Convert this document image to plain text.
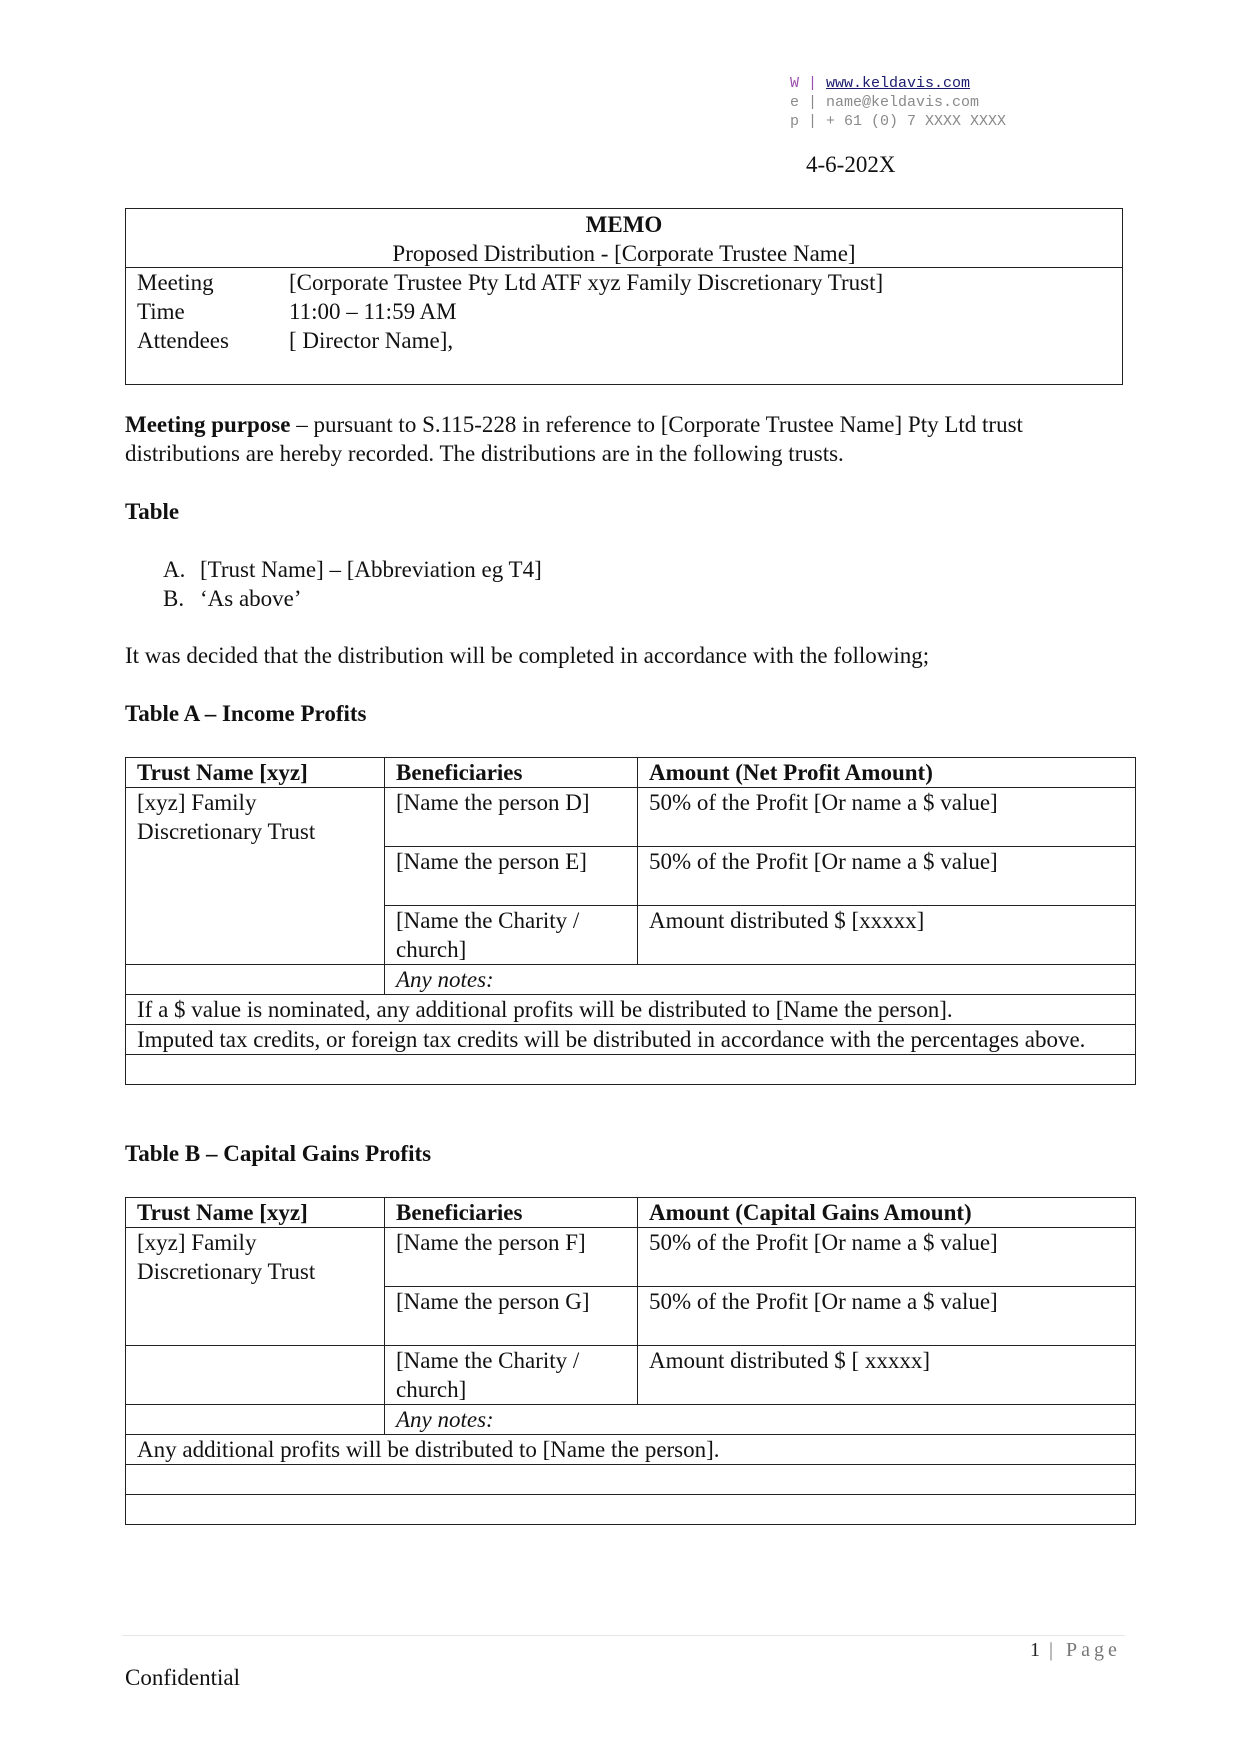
W | www.keldavis.com
e | name@keldavis.com
p | + 61 (0) 7 XXXX XXXX
4-6-202X
MEMO
Proposed Distribution - [Corporate Trustee Name]
Meeting	[Corporate Trustee Pty Ltd ATF xyz Family Discretionary Trust]
Time	11:00 – 11:59 AM
Attendees	[ Director Name],
Meeting purpose – pursuant to S.115-228 in reference to [Corporate Trustee Name] Pty Ltd trust distributions are hereby recorded. The distributions are in the following trusts.
Table
A. [Trust Name] – [Abbreviation eg T4]
B. ‘As above’
It was decided that the distribution will be completed in accordance with the following;
Table A – Income Profits
Trust Name [xyz]	Beneficiaries	Amount (Net Profit Amount)
[xyz] Family Discretionary Trust	[Name the person D]	50% of the Profit [Or name a $ value]
	[Name the person E]	50% of the Profit [Or name a $ value]
	[Name the Charity / church]	Amount distributed $ [xxxxx]
	Any notes:	
If a $ value is nominated, any additional profits will be distributed to [Name the person].		
Imputed tax credits, or foreign tax credits will be distributed in accordance with the percentages above.		

Table B – Capital Gains Profits
Trust Name [xyz]	Beneficiaries	Amount (Capital Gains Amount)
[xyz] Family Discretionary Trust	[Name the person F]	50% of the Profit [Or name a $ value]
	[Name the person G]	50% of the Profit [Or name a $ value]
	[Name the Charity / church]	Amount distributed $ [ xxxxx]
	Any notes:	
Any additional profits will be distributed to [Name the person].		

1 | Page
Confidential
